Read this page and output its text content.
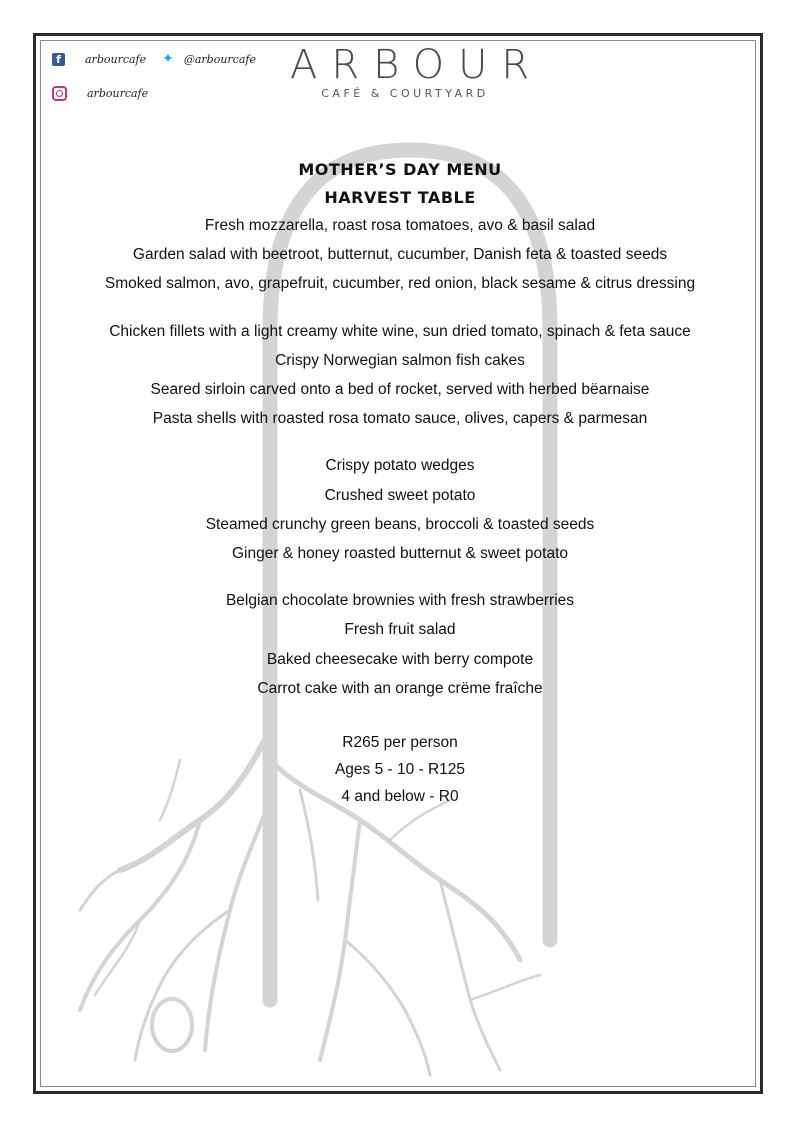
f	arbourcafe ✦ @arbourcafe
arbourcafe
ARBOUR
CAFÉ & COURTYARD
MOTHER’S DAY MENU
HARVEST TABLE
Fresh mozzarella, roast rosa tomatoes, avo & basil salad
Garden salad with beetroot, butternut, cucumber, Danish feta & toasted seeds
Smoked salmon, avo, grapefruit, cucumber, red onion, black sesame & citrus dressing
Chicken fillets with a light creamy white wine, sun dried tomato, spinach & feta sauce
Crispy Norwegian salmon fish cakes
Seared sirloin carved onto a bed of rocket, served with herbed bëarnaise
Pasta shells with roasted rosa tomato sauce, olives, capers & parmesan
Crispy potato wedges
Crushed sweet potato
Steamed crunchy green beans, broccoli & toasted seeds
Ginger & honey roasted butternut & sweet potato
Belgian chocolate brownies with fresh strawberries
Fresh fruit salad
Baked cheesecake with berry compote
Carrot cake with an orange crëme fraîche
R265 per person
Ages 5 - 10 - R125
4 and below - R0
